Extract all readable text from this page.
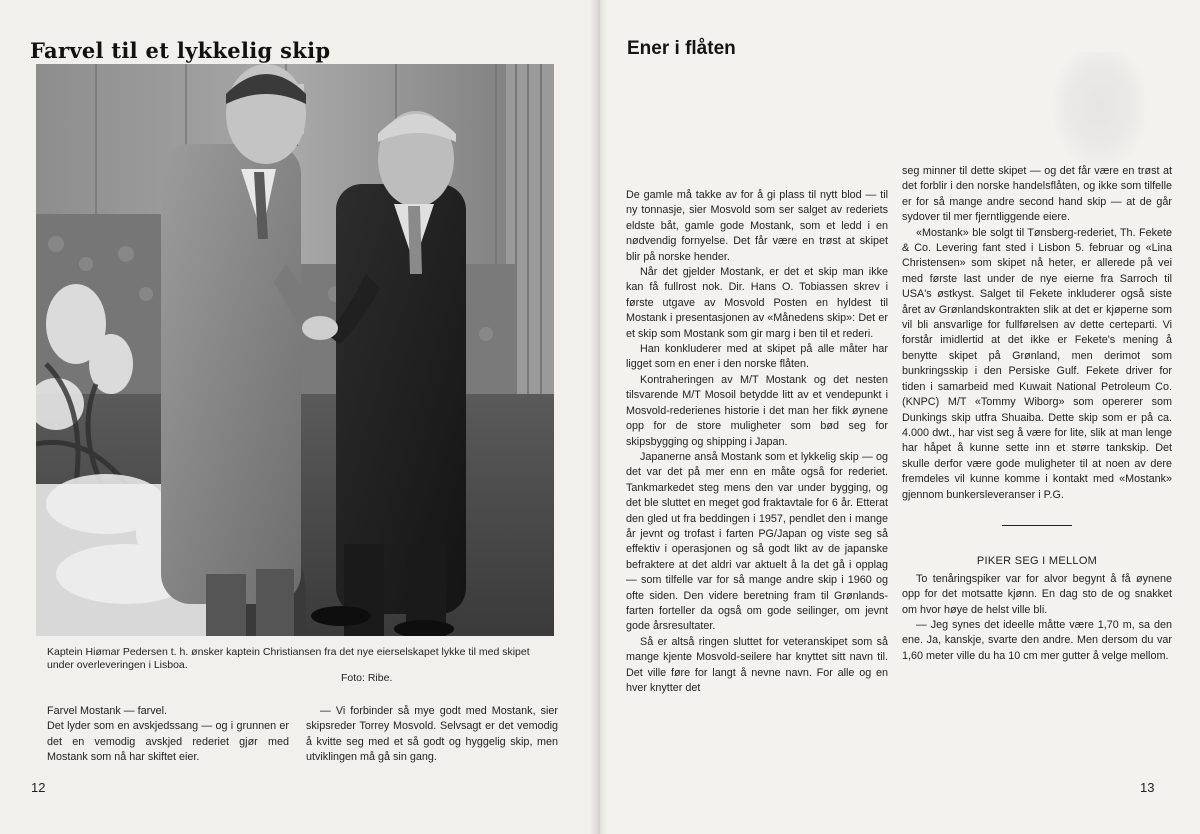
Farvel til et lykkelig skip
Kaptein Hiømar Pedersen t. h. ønsker kaptein Christiansen fra det nye eierselskapet lykke til med skipet under overleveringen i Lisboa.
Foto: Ribe.

Farvel Mostank — farvel.

Det lyder som en avskjedssang — og i grunnen er det en vemodig avskjed rederiet gjør med Mostank som nå har skiftet eier.

— Vi forbinder så mye godt med Mostank, sier skipsreder Torrey Mosvold. Selvsagt er det vemodig å kvitte seg med et så godt og hyggelig skip, men utviklingen må gå sin gang.

12
Ener i flåten

De gamle må takke av for å gi plass til nytt blod — til ny tonnasje, sier Mosvold som ser salget av rederiets eldste båt, gamle gode Mostank, som et ledd i en nødvendig fornyelse. Det får være en trøst at skipet blir på norske hender.

Når det gjelder Mostank, er det et skip man ikke kan få fullrost nok. Dir. Hans O. Tobiassen skrev i første utgave av Mosvold Posten en hyldest til Mostank i presentasjonen av «Månedens skip»: Det er et skip som Mostank som gir marg i ben til et rederi.

Han konkluderer med at skipet på alle måter har ligget som en ener i den norske flåten.

Kontraheringen av M/T Mostank og det nesten tilsvarende M/T Mosoil betydde litt av et vendepunkt i Mosvold-rederienes historie i det man her fikk øynene opp for de store muligheter som bød seg for skipsbygging og shipping i Japan.

Japanerne anså Mostank som et lykkelig skip — og det var det på mer enn en måte også for rederiet. Tankmarkedet steg mens den var under bygging, og det ble sluttet en meget god fraktavtale for 6 år. Etterat den gled ut fra beddingen i 1957, pendlet den i mange år jevnt og trofast i farten PG/Japan og viste seg så effektiv i operasjonen og så godt likt av de japanske befraktere at det aldri var aktuelt å la det gå i opplag — som tilfelle var for så mange andre skip i 1960 og ofte siden. Den videre beretning fram til Grønlands-farten forteller da også om gode seilinger, om jevnt gode årsresultater.

Så er altså ringen sluttet for veteranskipet som så mange kjente Mosvold-seilere har knyttet sitt navn til. Det ville føre for langt å nevne navn. For alle og en hver knytter det

seg minner til dette skipet — og det får være en trøst at det forblir i den norske handelsflåten, og ikke som tilfelle er for så mange andre second hand skip — at de går sydover til mer fjerntliggende eiere.

«Mostank» ble solgt til Tønsberg-rederiet, Th. Fekete & Co. Levering fant sted i Lisbon 5. februar og «Lina Christensen» som skipet nå heter, er allerede på vei med første last under de nye eierne fra Sarroch til USA's østkyst. Salget til Fekete inkluderer også siste året av Grønlandskontrakten slik at det er kjøperne som vil bli ansvarlige for fullførelsen av dette certeparti. Vi forstår imidlertid at det ikke er Fekete's mening å benytte skipet på Grønland, men derimot som bunkringsskip i den Persiske Gulf. Fekete driver for tiden i samarbeid med Kuwait National Petroleum Co. (KNPC) M/T «Tommy Wiborg» som opererer som Dunkings skip utfra Shuaiba. Dette skip som er på ca. 4.000 dwt., har vist seg å være for lite, slik at man lenge har håpet å kunne sette inn et større tankskip. Det skulle derfor være gode muligheter til at noen av dere fremdeles vil kunne komme i kontakt med «Mostank» gjennom bunkersleveranser i P.G.

PIKER SEG I MELLOM

To tenåringspiker var for alvor begynt å få øynene opp for det motsatte kjønn. En dag sto de og snakket om hvor høye de helst ville bli.

— Jeg synes det ideelle måtte være 1,70 m, sa den ene. Ja, kanskje, svarte den andre. Men dersom du var 1,60 meter ville du ha 10 cm mer gutter å velge mellom.

13
